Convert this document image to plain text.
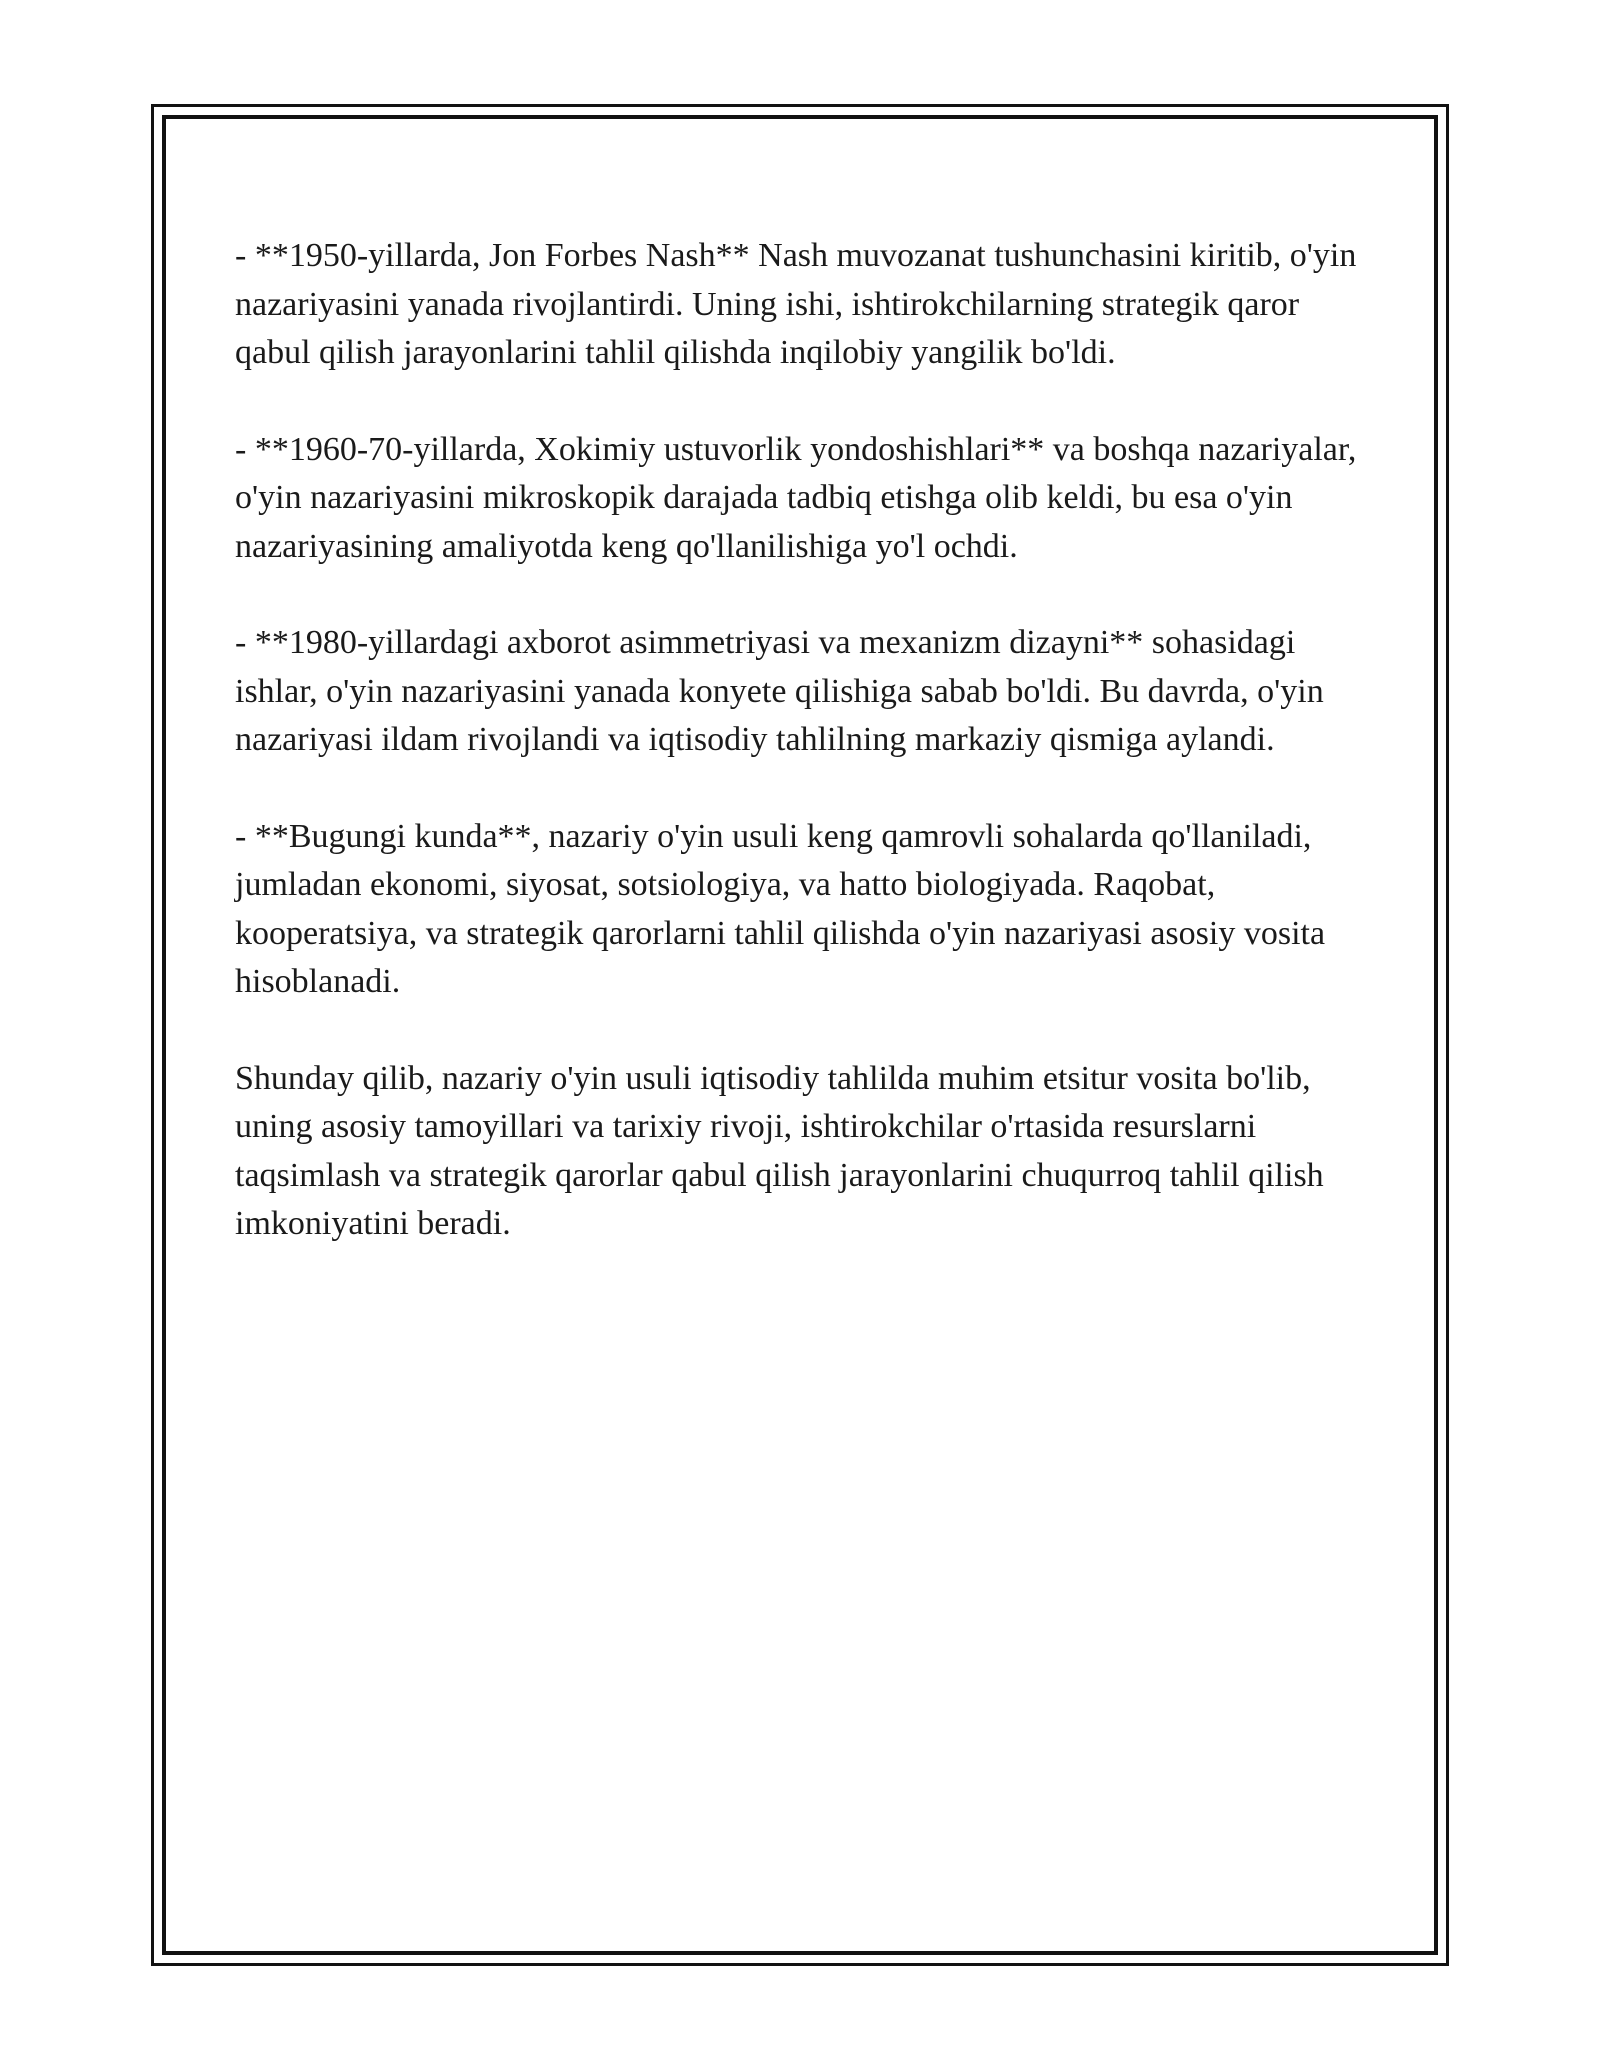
- **1950-yillarda, Jon Forbes Nash** Nash muvozanat tushunchasini kiritib, o'yin nazariyasini yanada rivojlantirdi. Uning ishi, ishtirokchilarning strategik qaror qabul qilish jarayonlarini tahlil qilishda inqilobiy yangilik bo'ldi.

- **1960-70-yillarda, Xokimiy ustuvorlik yondoshishlari** va boshqa nazariyalar, o'yin nazariyasini mikroskopik darajada tadbiq etishga olib keldi, bu esa o'yin nazariyasining amaliyotda keng qo'llanilishiga yo'l ochdi.

- **1980-yillardagi axborot asimmetriyasi va mexanizm dizayni** sohasidagi ishlar, o'yin nazariyasini yanada konyete qilishiga sabab bo'ldi. Bu davrda, o'yin nazariyasi ildam rivojlandi va iqtisodiy tahlilning markaziy qismiga aylandi.

- **Bugungi kunda**, nazariy o'yin usuli keng qamrovli sohalarda qo'llaniladi, jumladan ekonomi, siyosat, sotsiologiya, va hatto biologiyada. Raqobat, kooperatsiya, va strategik qarorlarni tahlil qilishda o'yin nazariyasi asosiy vosita hisoblanadi.

Shunday qilib, nazariy o'yin usuli iqtisodiy tahlilda muhim etsitur vosita bo'lib, uning asosiy tamoyillari va tarixiy rivoji, ishtirokchilar o'rtasida resurslarni taqsimlash va strategik qarorlar qabul qilish jarayonlarini chuqurroq tahlil qilish imkoniyatini beradi.
